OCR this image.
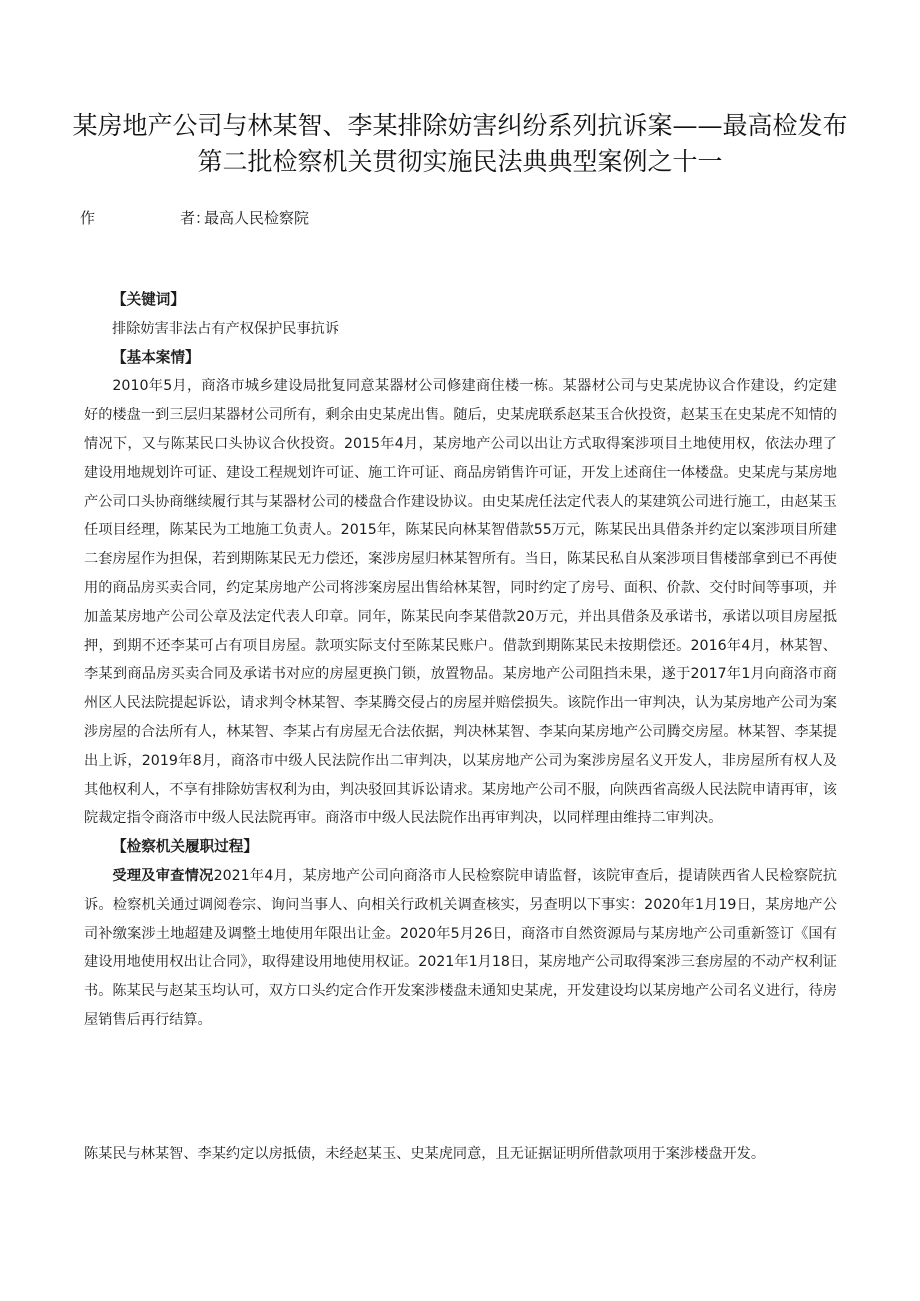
某房地产公司与林某智、李某排除妨害纠纷系列抗诉案——最高检发布第二批检察机关贯彻实施民法典典型案例之十一
作	者：
最高人民检察院

【关键词】

排除妨害非法占有产权保护民事抗诉

【基本案情】

2010年5月，商洛市城乡建设局批复同意某器材公司修建商住楼一栋。某器材公司与史某虎协议合作建设，约定建好的楼盘一到三层归某器材公司所有，剩余由史某虎出售。随后，史某虎联系赵某玉合伙投资，赵某玉在史某虎不知情的情况下，又与陈某民口头协议合伙投资。2015年4月，某房地产公司以出让方式取得案涉项目土地使用权，依法办理了建设用地规划许可证、建设工程规划许可证、施工许可证、商品房销售许可证，开发上述商住一体楼盘。史某虎与某房地产公司口头协商继续履行其与某器材公司的楼盘合作建设协议。由史某虎任法定代表人的某建筑公司进行施工，由赵某玉任项目经理，陈某民为工地施工负责人。2015年，陈某民向林某智借款55万元，陈某民出具借条并约定以案涉项目所建二套房屋作为担保，若到期陈某民无力偿还，案涉房屋归林某智所有。当日，陈某民私自从案涉项目售楼部拿到已不再使用的商品房买卖合同，约定某房地产公司将涉案房屋出售给林某智，同时约定了房号、面积、价款、交付时间等事项，并加盖某房地产公司公章及法定代表人印章。同年，陈某民向李某借款20万元，并出具借条及承诺书，承诺以项目房屋抵押，到期不还李某可占有项目房屋。款项实际支付至陈某民账户。借款到期陈某民未按期偿还。2016年4月，林某智、李某到商品房买卖合同及承诺书对应的房屋更换门锁，放置物品。某房地产公司阻挡未果，遂于2017年1月向商洛市商州区人民法院提起诉讼，请求判令林某智、李某腾交侵占的房屋并赔偿损失。该院作出一审判决，认为某房地产公司为案涉房屋的合法所有人，林某智、李某占有房屋无合法依据，判决林某智、李某向某房地产公司腾交房屋。林某智、李某提出上诉，2019年8月，商洛市中级人民法院作出二审判决，以某房地产公司为案涉房屋名义开发人，非房屋所有权人及其他权利人，不享有排除妨害权利为由，判决驳回其诉讼请求。某房地产公司不服，向陕西省高级人民法院申请再审，该院裁定指令商洛市中级人民法院再审。商洛市中级人民法院作出再审判决，以同样理由维持二审判决。

【检察机关履职过程】

受理及审查情况2021年4月，某房地产公司向商洛市人民检察院申请监督，该院审查后，提请陕西省人民检察院抗诉。检察机关通过调阅卷宗、询问当事人、向相关行政机关调查核实，另查明以下事实：2020年1月19日，某房地产公司补缴案涉土地超建及调整土地使用年限出让金。2020年5月26日，商洛市自然资源局与某房地产公司重新签订《国有建设用地使用权出让合同》，取得建设用地使用权证。2021年1月18日，某房地产公司取得案涉三套房屋的不动产权利证书。陈某民与赵某玉均认可，双方口头约定合作开发案涉楼盘未通知史某虎，开发建设均以某房地产公司名义进行，待房屋销售后再行结算。

陈某民与林某智、李某约定以房抵债，未经赵某玉、史某虎同意，且无证据证明所借款项用于案涉楼盘开发。
